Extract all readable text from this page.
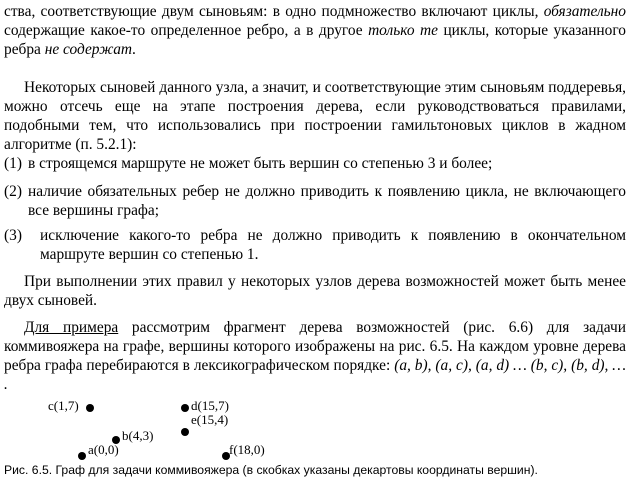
ства, соответствующие двум сыновьям: в одно подмножество включают циклы, обязательно содержащие какое-то определенное ребро, а в другое только те циклы, которые указанного ребра не содержат.

Некоторых сыновей данного узла, а значит, и соответствующие этим сыновьям поддеревья, можно отсечь еще на этапе построения дерева, если руководствоваться правилами, подобными тем, что использовались при построении гамильтоновых циклов в жадном алгоритме (п. 5.2.1):

(1) в строящемся маршруте не может быть вершин со степенью 3 и более;
(2) наличие обязательных ребер не должно приводить к появлению цикла, не включающего все вершины графа;
(3) исключение какого-то ребра не должно приводить к появлению в окончательном маршруте вершин со степенью 1.

При выполнении этих правил у некоторых узлов дерева возможностей может быть менее двух сыновей.

Для примера рассмотрим фрагмент дерева возможностей (рис. 6.6) для задачи коммивояжера на графе, вершины которого изображены на рис. 6.5. На каждом уровне дерева ребра графа перебираются в лексикографическом порядке: (a, b), (a, c), (a, d) … (b, c), (b, d), … .

c(1,7)	d(15,7)
e(15,4)
b(4,3)
a(0,0)	f(18,0)
Рис. 6.5. Граф для задачи коммивояжера (в скобках указаны декартовы координаты вершин).
